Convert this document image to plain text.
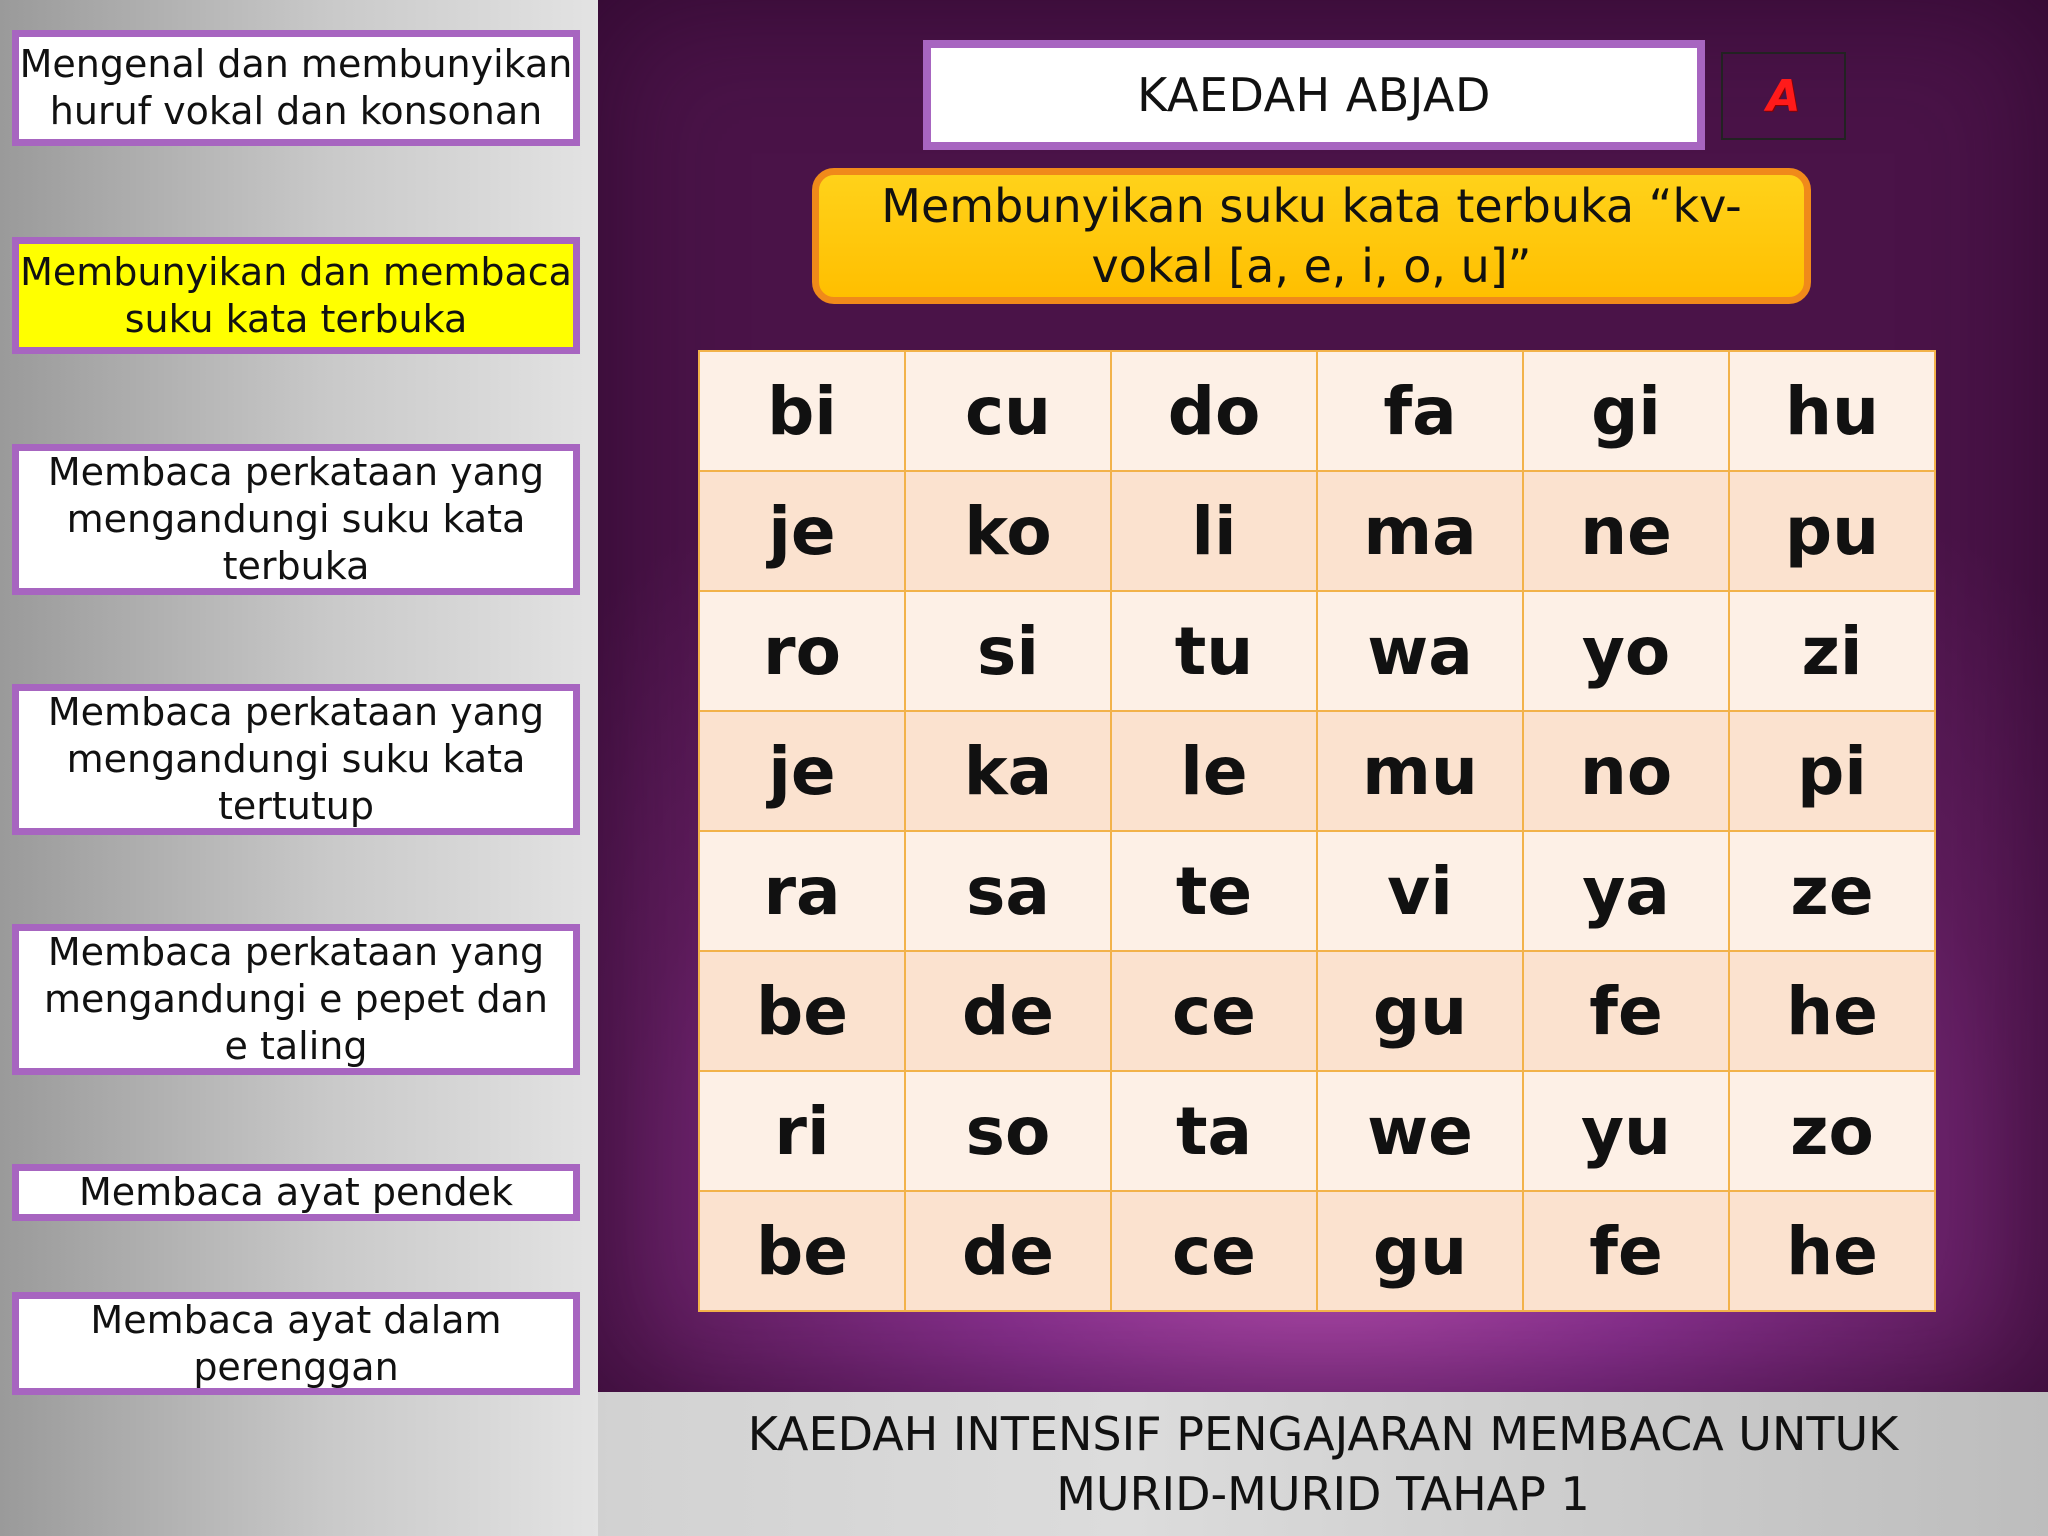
Mengenal dan membunyikan
huruf vokal dan konsonan
Membunyikan dan membaca
suku kata terbuka
Membaca perkataan yang
mengandungi suku kata
terbuka
Membaca perkataan yang
mengandungi suku kata
tertutup
Membaca perkataan yang
mengandungi e pepet dan
e taling
Membaca ayat pendek
Membaca ayat dalam
perenggan
KAEDAH ABJAD	A
Membunyikan suku kata terbuka “kv-
vokal [a, e, i, o, u]”
bi	cu	do	fa	gi	hu
je	ko	li	ma	ne	pu
ro	si	tu	wa	yo	zi
je	ka	le	mu	no	pi
ra	sa	te	vi	ya	ze
be	de	ce	gu	fe	he
ri	so	ta	we	yu	zo
be	de	ce	gu	fe	he
KAEDAH INTENSIF PENGAJARAN MEMBACA UNTUK
MURID-MURID TAHAP 1
